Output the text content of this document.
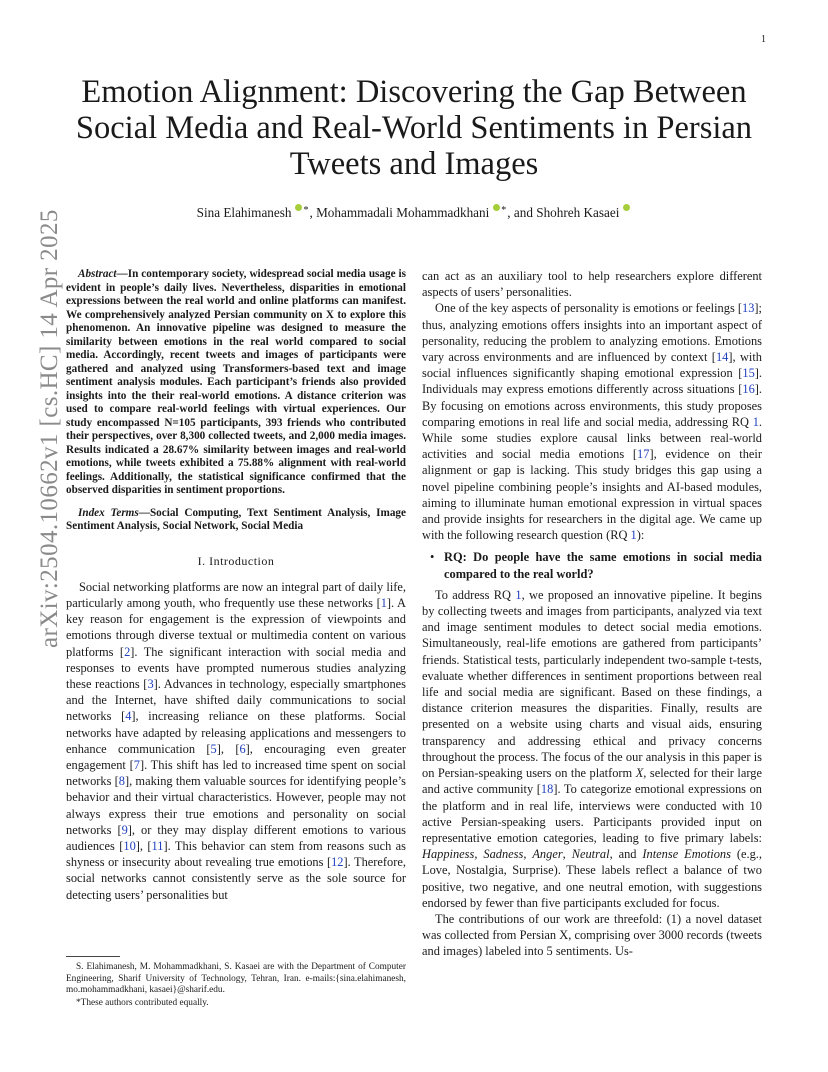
1
arXiv:2504.10662v1 [cs.HC] 14 Apr 2025
Emotion Alignment: Discovering the Gap Between Social Media and Real-World Sentiments in Persian Tweets and Images
Sina Elahimanesh *, Mohammadali Mohammadkhani *, and Shohreh Kasaei

Abstract—In contemporary society, widespread social media usage is evident in people’s daily lives. Nevertheless, disparities in emotional expressions between the real world and online platforms can manifest. We comprehensively analyzed Persian community on X to explore this phenomenon. An innovative pipeline was designed to measure the similarity between emotions in the real world compared to social media. Accordingly, recent tweets and images of participants were gathered and analyzed using Transformers-based text and image sentiment analysis modules. Each participant’s friends also provided insights into the their real-world emotions. A distance criterion was used to compare real-world feelings with virtual experiences. Our study encompassed N=105 participants, 393 friends who contributed their perspectives, over 8,300 collected tweets, and 2,000 media images. Results indicated a 28.67% similarity between images and real-world emotions, while tweets exhibited a 75.88% alignment with real-world feelings. Additionally, the statistical significance confirmed that the observed disparities in sentiment proportions.

Index Terms—Social Computing, Text Sentiment Analysis, Image Sentiment Analysis, Social Network, Social Media

I. Introduction

Social networking platforms are now an integral part of daily life, particularly among youth, who frequently use these networks [1]. A key reason for engagement is the expression of viewpoints and emotions through diverse textual or multimedia content on various platforms [2]. The significant interaction with social media and responses to events have prompted numerous studies analyzing these reactions [3]. Advances in technology, especially smartphones and the Internet, have shifted daily communications to social networks [4], increasing reliance on these platforms. Social networks have adapted by releasing applications and messengers to enhance communication [5], [6], encouraging even greater engagement [7]. This shift has led to increased time spent on social networks [8], making them valuable sources for identifying people’s behavior and their virtual characteristics. However, people may not always express their true emotions and personality on social networks [9], or they may display different emotions to various audiences [10], [11]. This behavior can stem from reasons such as shyness or insecurity about revealing true emotions [12]. Therefore, social networks cannot consistently serve as the sole source for detecting users’ personalities but

S. Elahimanesh, M. Mohammadkhani, S. Kasaei are with the Department of Computer Engineering, Sharif University of Technology, Tehran, Iran. e-mails:{sina.elahimanesh, mo.mohammadkhani, kasaei}@sharif.edu.

*These authors contributed equally.

can act as an auxiliary tool to help researchers explore different aspects of users’ personalities.

One of the key aspects of personality is emotions or feelings [13]; thus, analyzing emotions offers insights into an important aspect of personality, reducing the problem to analyzing emotions. Emotions vary across environments and are influenced by context [14], with social influences significantly shaping emotional expression [15]. Individuals may express emotions differently across situations [16]. By focusing on emotions across environments, this study proposes comparing emotions in real life and social media, addressing RQ 1. While some studies explore causal links between real-world activities and social media emotions [17], evidence on their alignment or gap is lacking. This study bridges this gap using a novel pipeline combining people’s insights and AI-based modules, aiming to illuminate human emotional expression in virtual spaces and provide insights for researchers in the digital age. We came up with the following research question (RQ 1):

• RQ: Do people have the same emotions in social media compared to the real world?

To address RQ 1, we proposed an innovative pipeline. It begins by collecting tweets and images from participants, analyzed via text and image sentiment modules to detect social media emotions. Simultaneously, real-life emotions are gathered from participants’ friends. Statistical tests, particularly independent two-sample t-tests, evaluate whether differences in sentiment proportions between real life and social media are significant. Based on these findings, a distance criterion measures the disparities. Finally, results are presented on a website using charts and visual aids, ensuring transparency and addressing ethical and privacy concerns throughout the process. The focus of the our analysis in this paper is on Persian-speaking users on the platform X, selected for their large and active community [18]. To categorize emotional expressions on the platform and in real life, interviews were conducted with 10 active Persian-speaking users. Participants provided input on representative emotion categories, leading to five primary labels: Happiness, Sadness, Anger, Neutral, and Intense Emotions (e.g., Love, Nostalgia, Surprise). These labels reflect a balance of two positive, two negative, and one neutral emotion, with suggestions endorsed by fewer than five participants excluded for focus.

The contributions of our work are threefold: (1) a novel dataset was collected from Persian X, comprising over 3000 records (tweets and images) labeled into 5 sentiments. Us-
